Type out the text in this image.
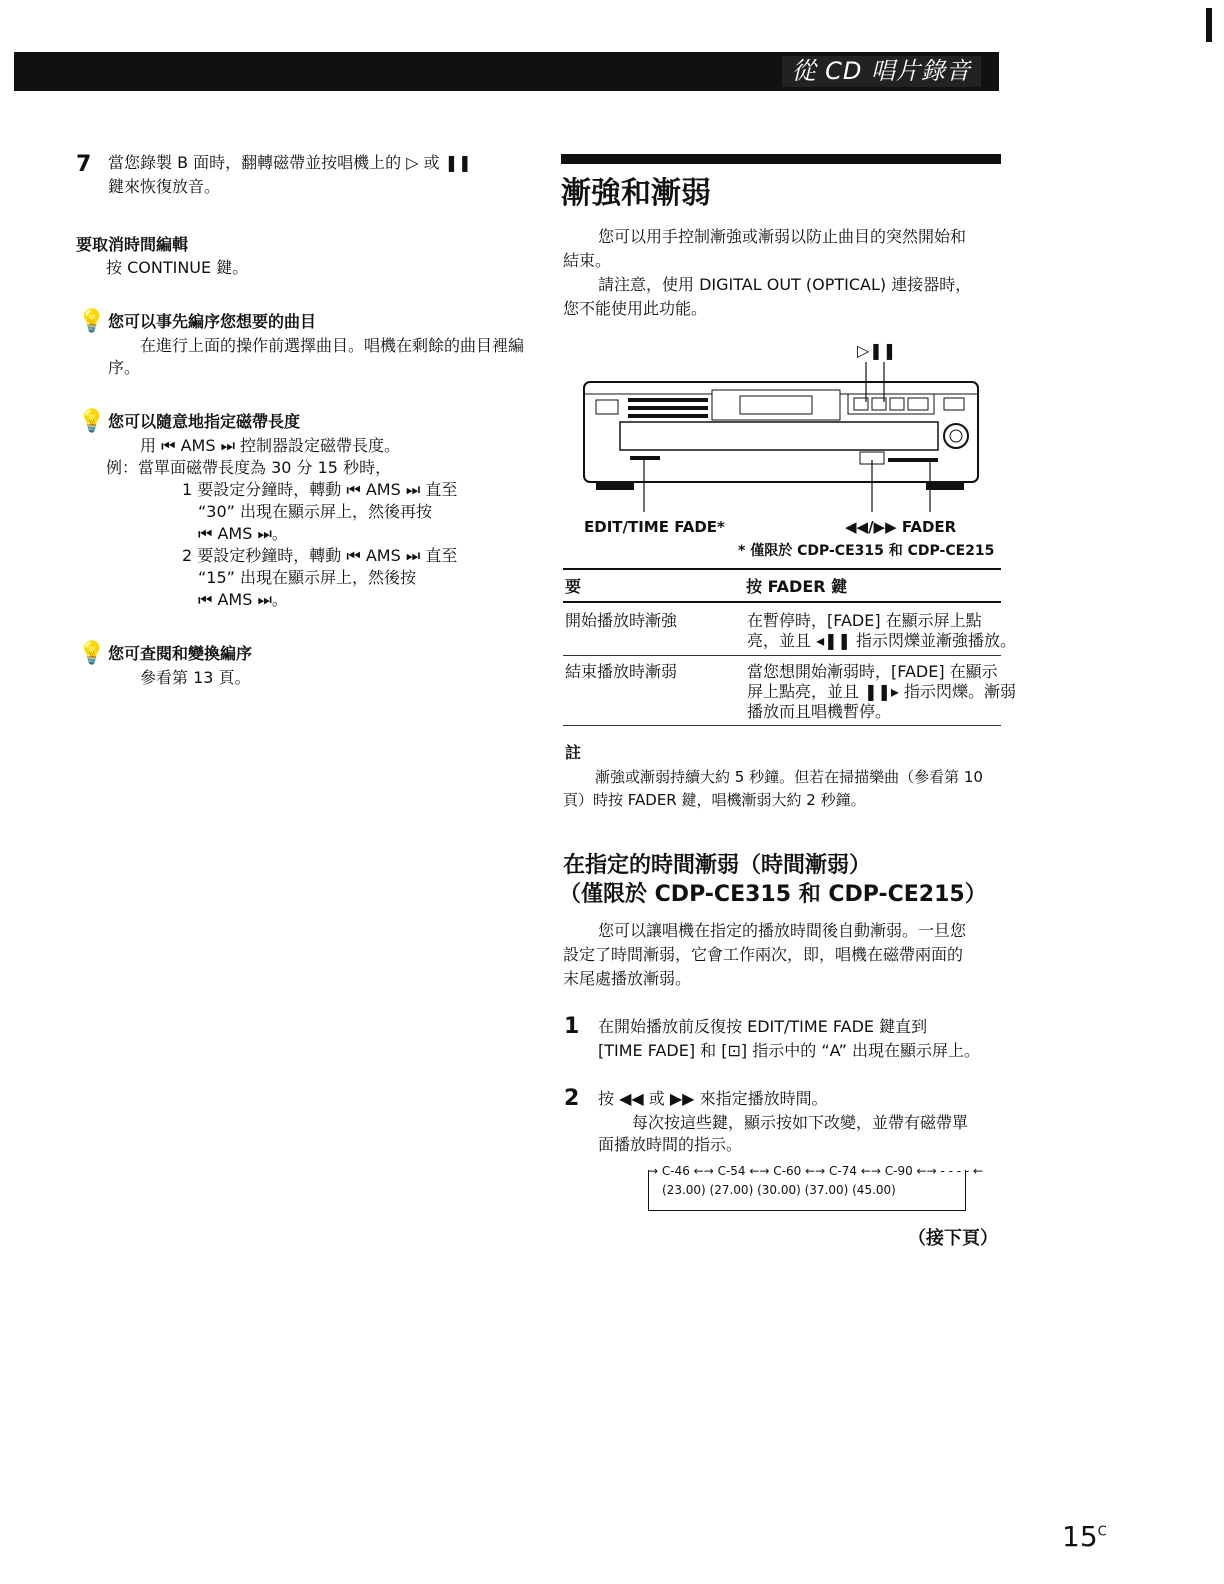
從 CD 唱片錄音
7 當您錄製 B 面時，翻轉磁帶並按唱機上的 ▷ 或 ❚❚
鍵來恢復放音。
要取消時間編輯
按 CONTINUE 鍵。
💡 您可以事先編序您想要的曲目
在進行上面的操作前選擇曲目。唱機在剩餘的曲目裡編
序。
💡 您可以隨意地指定磁帶長度
用 ⏮ AMS ⏭ 控制器設定磁帶長度。
例：當單面磁帶長度為 30 分 15 秒時，
1 要設定分鐘時，轉動 ⏮ AMS ⏭ 直至
“30” 出現在顯示屏上，然後再按
⏮ AMS ⏭。
2 要設定秒鐘時，轉動 ⏮ AMS ⏭ 直至
“15” 出現在顯示屏上，然後按
⏮ AMS ⏭。
💡 您可查閱和變換編序
參看第 13 頁。
漸強和漸弱
您可以用手控制漸強或漸弱以防止曲目的突然開始和
結束。
請注意，使用 DIGITAL OUT (OPTICAL) 連接器時，
您不能使用此功能。
▷❚❚
EDIT/TIME FADE*	◀◀/▶▶ FADER
* 僅限於 CDP-CE315 和 CDP-CE215
要	按 FADER 鍵
開始播放時漸強	在暫停時，[FADE] 在顯示屏上點
亮，並且 ◂❚❚ 指示閃爍並漸強播放。
結束播放時漸弱	當您想開始漸弱時，[FADE] 在顯示
屏上點亮，並且 ❚❚▸ 指示閃爍。漸弱
播放而且唱機暫停。
註
漸強或漸弱持續大約 5 秒鐘。但若在掃描樂曲（參看第 10
頁）時按 FADER 鍵，唱機漸弱大約 2 秒鐘。
在指定的時間漸弱（時間漸弱）
（僅限於 CDP-CE315 和 CDP-CE215）
您可以讓唱機在指定的播放時間後自動漸弱。一旦您
設定了時間漸弱，它會工作兩次，即，唱機在磁帶兩面的
末尾處播放漸弱。
1 在開始播放前反復按 EDIT/TIME FADE 鍵直到
[TIME FADE] 和 [⊡] 指示中的 “A” 出現在顯示屏上。
2 按 ◀◀ 或 ▶▶ 來指定播放時間。
每次按這些鍵，顯示按如下改變，並帶有磁帶單
面播放時間的指示。
→ C-46 ←→ C-54 ←→ C-60 ←→ C-74 ←→ C-90 ←→ - - - - ←
(23.00) (27.00) (30.00) (37.00) (45.00)
（接下頁）
$15^C$
